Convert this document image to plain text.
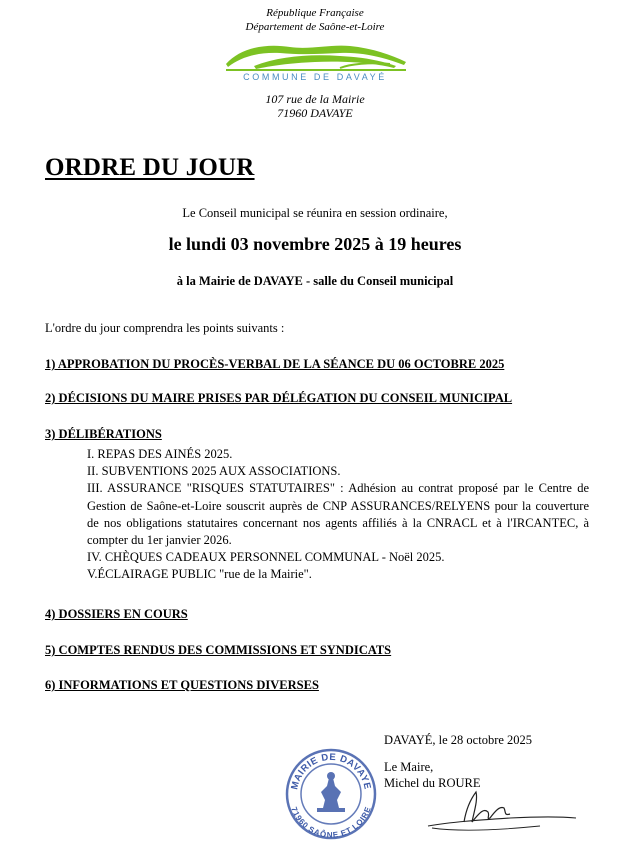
République Française
Département de Saône-et-Loire
COMMUNE DE DAVAYÉ
107 rue de la Mairie
71960 DAVAYE
ORDRE DU JOUR
Le Conseil municipal se réunira en session ordinaire,
le lundi 03 novembre 2025 à 19 heures
à la Mairie de DAVAYE - salle du Conseil municipal
L'ordre du jour comprendra les points suivants :
1) APPROBATION DU PROCÈS-VERBAL DE LA SÉANCE DU 06 OCTOBRE 2025
2) DÉCISIONS DU MAIRE PRISES PAR DÉLÉGATION DU CONSEIL MUNICIPAL
3) DÉLIBÉRATIONS

I. REPAS DES AINÉS 2025.

II. SUBVENTIONS 2025 AUX ASSOCIATIONS.

III. ASSURANCE "RISQUES STATUTAIRES" : Adhésion au contrat proposé par le Centre de Gestion de Saône-et-Loire souscrit auprès de CNP ASSURANCES/RELYENS pour la couverture de nos obligations statutaires concernant nos agents affiliés à la CNRACL et à l'IRCANTEC, à compter du 1er janvier 2026.

IV. CHÈQUES CADEAUX PERSONNEL COMMUNAL - Noël 2025.

V.ÉCLAIRAGE PUBLIC "rue de la Mairie".

4) DOSSIERS EN COURS
5) COMPTES RENDUS DES COMMISSIONS ET SYNDICATS
6) INFORMATIONS ET QUESTIONS DIVERSES
DAVAYÉ, le 28 octobre 2025
Le Maire,
Michel du ROURE
MAIRIE DE DAVAYE
71960 SAÔNE ET LOIRE
